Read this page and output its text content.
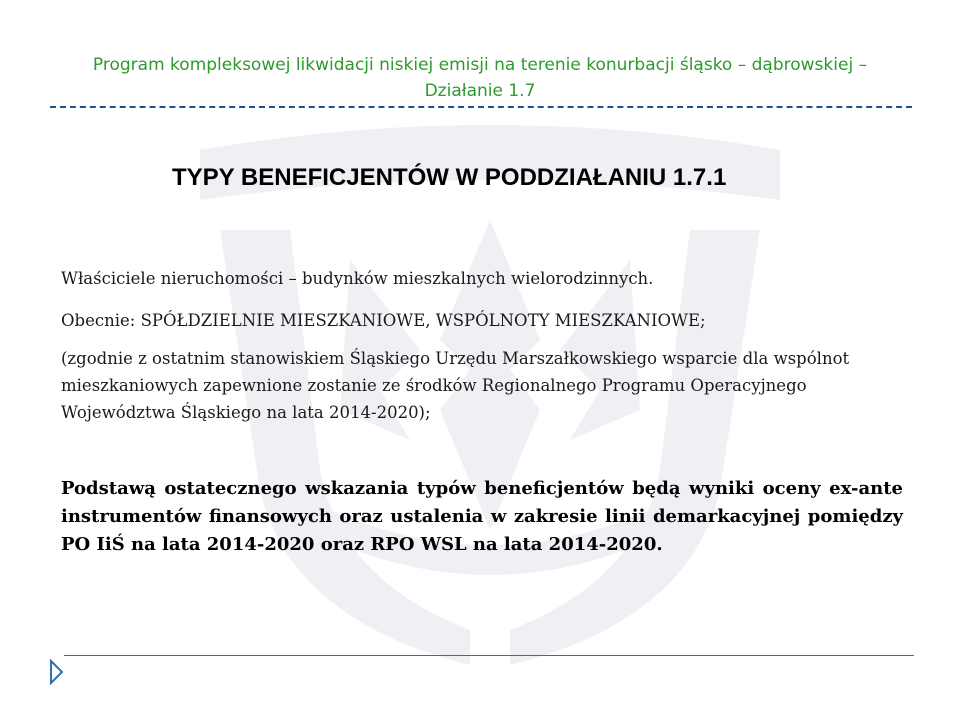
Program kompleksowej likwidacji niskiej emisji na terenie konurbacji śląsko – dąbrowskiej –
Działanie 1.7
TYPY BENEFICJENTÓW W PODDZIAŁANIU 1.7.1
Właściciele nieruchomości – budynków mieszkalnych wielorodzinnych.
Obecnie: SPÓŁDZIELNIE MIESZKANIOWE, WSPÓLNOTY MIESZKANIOWE;
(zgodnie z ostatnim stanowiskiem Śląskiego Urzędu Marszałkowskiego wsparcie dla wspólnot mieszkaniowych zapewnione zostanie ze środków Regionalnego Programu Operacyjnego Województwa Śląskiego na lata 2014-2020);
Podstawą ostatecznego wskazania typów beneficjentów będą wyniki oceny ex-ante instrumentów finansowych oraz ustalenia w zakresie linii demarkacyjnej pomiędzy PO IiŚ na lata 2014-2020 oraz RPO WSL na lata 2014-2020.
